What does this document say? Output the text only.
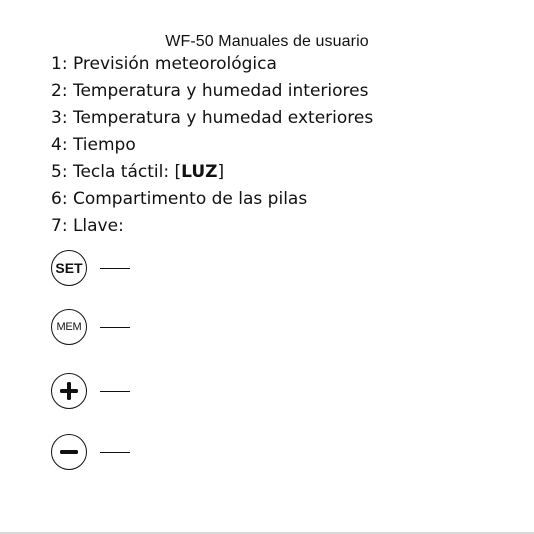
WF-50 Manuales de usuario
1: Previsión meteorológica
2: Temperatura y humedad interiores
3: Temperatura y humedad exteriores
4: Tiempo
5: Tecla táctil: [LUZ]
6: Compartimento de las pilas
7: Llave:
SET
MEM
